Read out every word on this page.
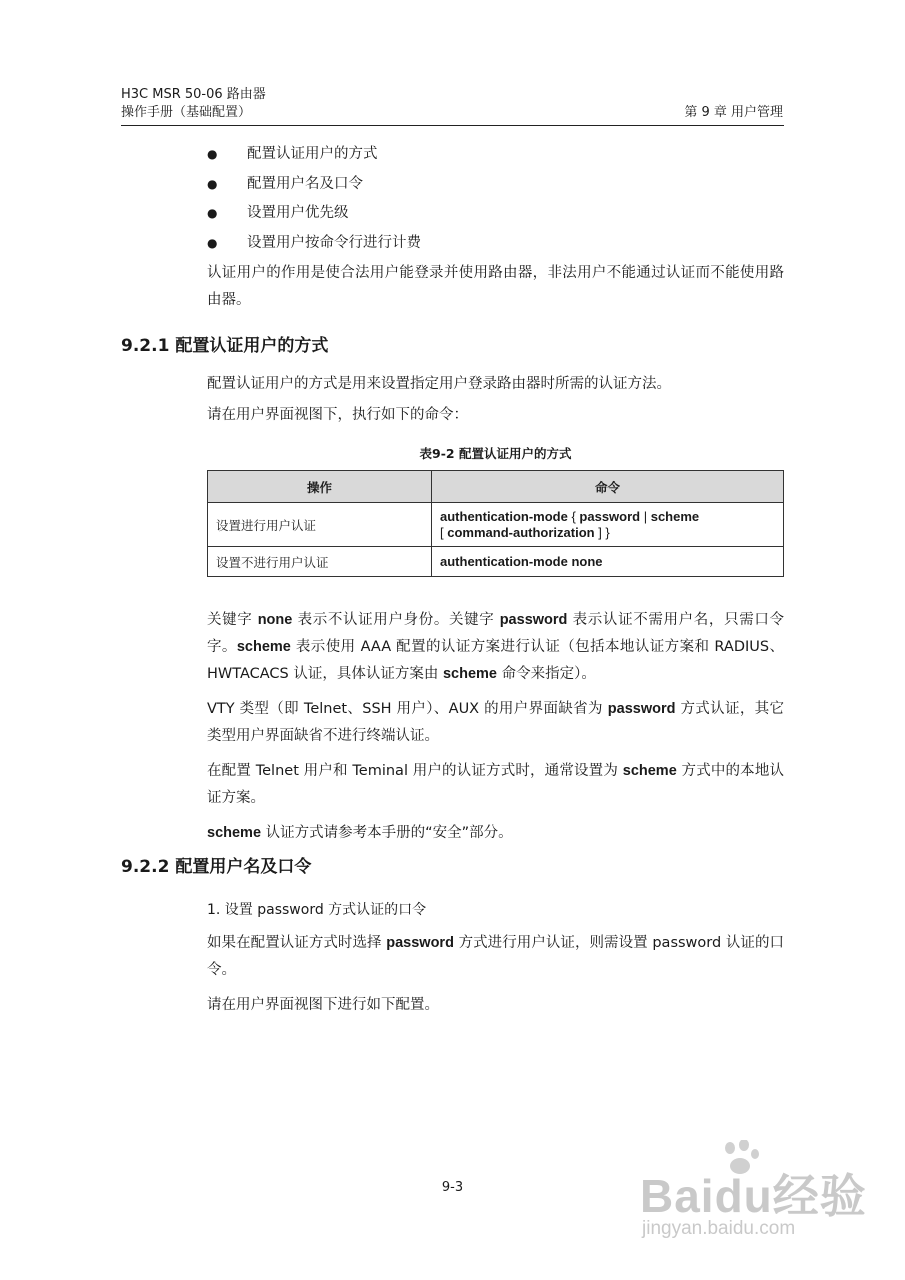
H3C MSR 50-06 路由器
操作手册（基础配置）	第 9 章 用户管理
● 配置认证用户的方式
● 配置用户名及口令
● 设置用户优先级
● 设置用户按命令行进行计费

认证用户的作用是使合法用户能登录并使用路由器，非法用户不能通过认证而不能使用路由器。

9.2.1 配置认证用户的方式

配置认证用户的方式是用来设置指定用户登录路由器时所需的认证方法。

请在用户界面视图下，执行如下的命令：

表9-2 配置认证用户的方式
操作	命令
设置进行用户认证	authentication-mode { password | scheme
[ command-authorization ] }
设置不进行用户认证	authentication-mode none

关键字 none 表示不认证用户身份。关键字 password 表示认证不需用户名，只需口令字。scheme 表示使用 AAA 配置的认证方案进行认证（包括本地认证方案和 RADIUS、HWTACACS 认证，具体认证方案由 scheme 命令来指定）。

VTY 类型（即 Telnet、SSH 用户）、AUX 的用户界面缺省为 password 方式认证，其它类型用户界面缺省不进行终端认证。

在配置 Telnet 用户和 Teminal 用户的认证方式时，通常设置为 scheme 方式中的本地认证方案。

scheme 认证方式请参考本手册的“安全”部分。

9.2.2 配置用户名及口令
1. 设置 password 方式认证的口令

如果在配置认证方式时选择 password 方式进行用户认证，则需设置 password 认证的口令。

请在用户界面视图下进行如下配置。

9-3	Baidu经验
jingyan.baidu.com
